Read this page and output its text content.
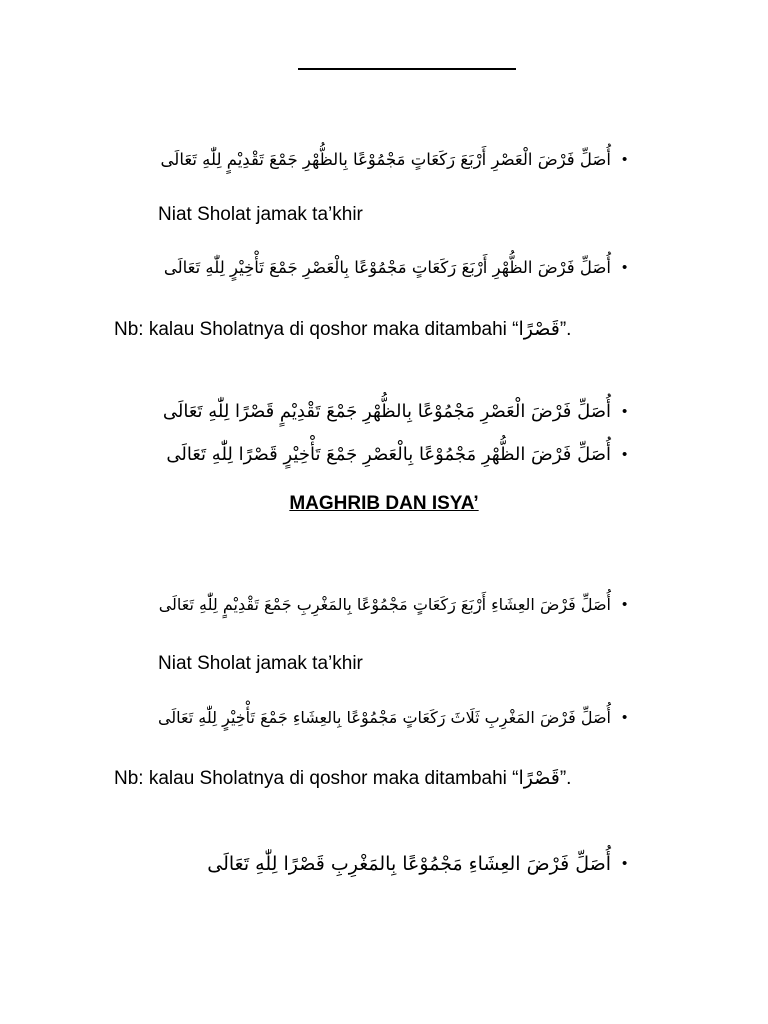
أُصَلِّ فَرْضَ الْعَصْرِ أَرْبَعَ رَكَعَاتٍ مَجْمُوْعًا بِالظُّهْرِ جَمْعَ تَقْدِيْمٍ لِلّٰهِ تَعَالَى •
Niat Sholat jamak ta’khir
أُصَلِّ فَرْضَ الظُّهْرِ أَرْبَعَ رَكَعَاتٍ مَجْمُوْعًا بِالْعَصْرِ جَمْعَ تَأْخِيْرٍ لِلّٰهِ تَعَالَى •
Nb: kalau Sholatnya di qoshor maka ditambahi “قَصْرًا”.
أُصَلِّ فَرْضَ الْعَصْرِ مَجْمُوْعًا بِالظُّهْرِ جَمْعَ تَقْدِيْمٍ قَصْرًا لِلّٰهِ تَعَالَى •
أُصَلِّ فَرْضَ الظُّهْرِ مَجْمُوْعًا بِالْعَصْرِ جَمْعَ تَأْخِيْرٍ قَصْرًا لِلّٰهِ تَعَالَى •
MAGHRIB DAN ISYA’
أُصَلِّ فَرْضَ العِشَاءِ أَرْبَعَ رَكَعَاتٍ مَجْمُوْعًا بِالمَغْرِبِ جَمْعَ تَقْدِيْمٍ لِلّٰهِ تَعَالَى •
Niat Sholat jamak ta’khir
أُصَلِّ فَرْضَ المَغْرِبِ ثَلَاثَ رَكَعَاتٍ مَجْمُوْعًا بِالعِشَاءِ جَمْعَ تَأْخِيْرٍ لِلّٰهِ تَعَالَى •
Nb: kalau Sholatnya di qoshor maka ditambahi “قَصْرًا”.
أُصَلِّ فَرْضَ العِشَاءِ مَجْمُوْعًا بِالمَغْرِبِ قَصْرًا لِلّٰهِ تَعَالَى •
